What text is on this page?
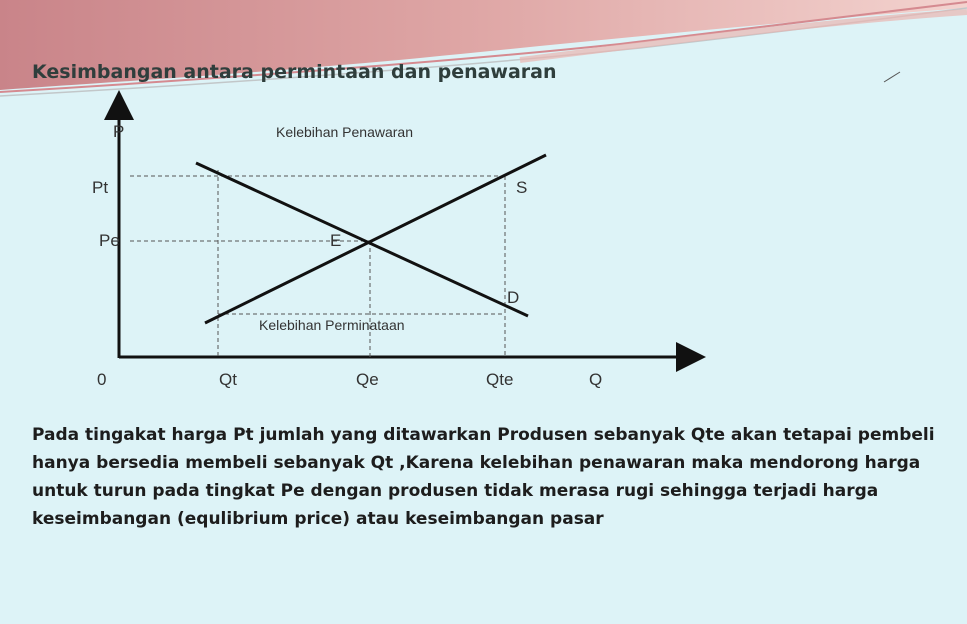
Kesimbangan antara permintaan dan penawaran
P
Q
0
Pt
Pe
Qt	Qe	Qte
S
D
E
Kelebihan Penawaran
Kelebihan Perminataan
Pada tingakat harga Pt jumlah yang ditawarkan Produsen sebanyak Qte akan tetapai pembeli hanya bersedia membeli sebanyak Qt ,Karena kelebihan penawaran maka mendorong harga untuk turun pada tingkat Pe dengan produsen tidak merasa rugi sehingga terjadi harga keseimbangan (equlibrium price) atau keseimbangan pasar
